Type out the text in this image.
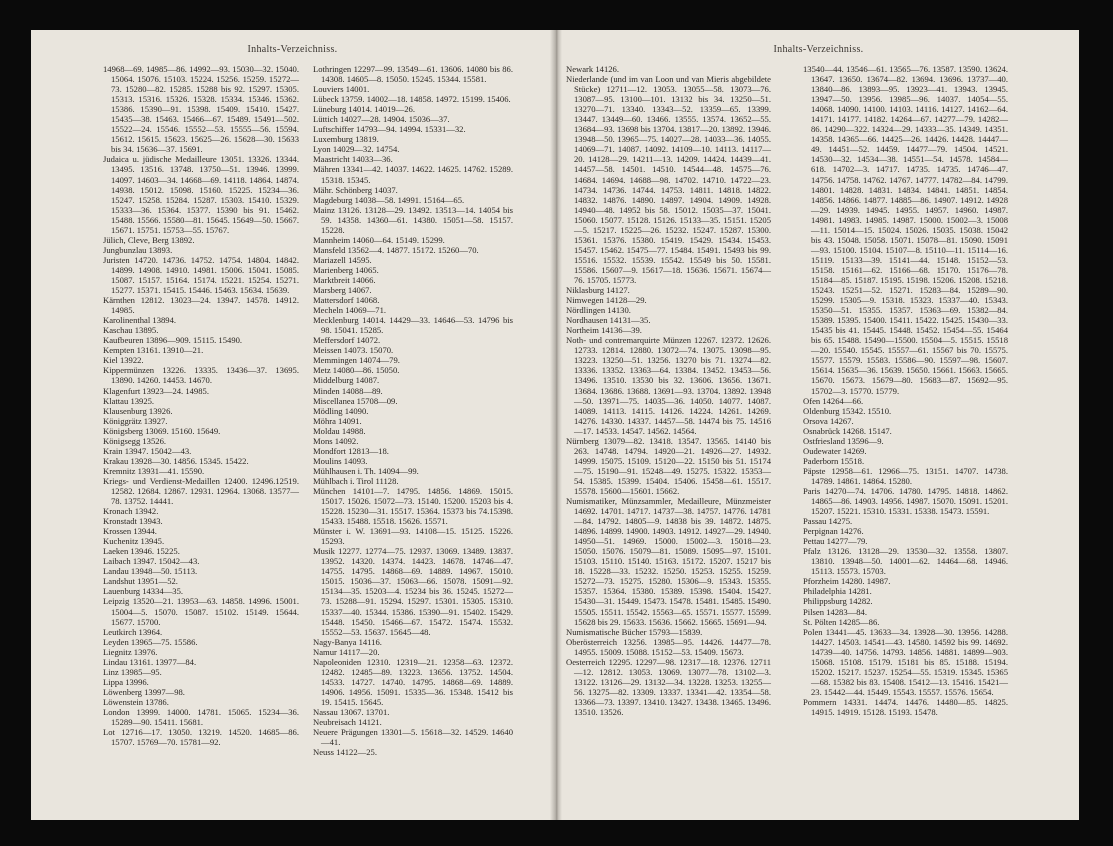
Inhalts-Verzeichniss.

14968—69. 14985—86. 14992—93. 15030—32. 15040. 15064. 15076. 15103. 15224. 15256. 15259. 15272—73. 15280—82. 15285. 15288 bis 92. 15297. 15305. 15313. 15316. 15326. 15328. 15334. 15346. 15362. 15386. 15390—91. 15398. 15409. 15410. 15427. 15435—38. 15463. 15466—67. 15489. 15491—502. 15522—24. 15546. 15552—53. 15555—56. 15594. 15612. 15615. 15623. 15625—26. 15628—30. 15633 bis 34. 15636—37. 15691.

Judaica u. jüdische Medailleure 13051. 13326. 13344. 13495. 13516. 13748. 13750—51. 13946. 13999. 14097. 14603—34. 14668—69. 14118. 14864. 14874. 14938. 15012. 15098. 15160. 15225. 15234—36. 15247. 15258. 15284. 15287. 15303. 15410. 15329. 15333—36. 15364. 15377. 15390 bis 91. 15462. 15488. 15566. 15580—81. 15645. 15649—50. 15667. 15671. 15751. 15753—55. 15767.

Jülich, Cleve, Berg 13892.

Jungbunzlau 13893.

Juristen 14720. 14736. 14752. 14754. 14804. 14842. 14899. 14908. 14910. 14981. 15006. 15041. 15085. 15087. 15157. 15164. 15174. 15221. 15254. 15271. 15277. 15371. 15415. 15446. 15463. 15634. 15639.

Kärnthen 12812. 13023—24. 13947. 14578. 14912. 14985.

Karolinenthal 13894.

Kaschau 13895.

Kaufbeuren 13896—909. 15115. 15490.

Kempten 13161. 13910—21.

Kiel 13922.

Kippermünzen 13226. 13335. 13436—37. 13695. 13890. 14260. 14453. 14670.

Klagenfurt 13923—24. 14985.

Klattau 13925.

Klausenburg 13926.

Königgrätz 13927.

Königsberg 13069. 15160. 15649.

Königsegg 13526.

Krain 13947. 15042—43.

Krakau 13928—30. 14856. 15345. 15422.

Kremnitz 13931—41. 15590.

Kriegs- und Verdienst-Medaillen 12400. 12496.12519. 12582. 12684. 12867. 12931. 12964. 13068. 13577—78. 13752. 14441.

Kronach 13942.

Kronstadt 13943.

Krossen 13944.

Kuchenitz 13945.

Laeken 13946. 15225.

Laibach 13947. 15042—43.

Landau 13948—50. 15113.

Landshut 13951—52.

Lauenburg 14334—35.

Leipzig 13520—21. 13953—63. 14858. 14996. 15001. 15004—5. 15070. 15087. 15102. 15149. 15644. 15677. 15700.

Leutkirch 13964.

Leyden 13965—75. 15586.

Liegnitz 13976.

Lindau 13161. 13977—84.

Linz 13985—95.

Lippa 13996.

Löwenberg 13997—98.

Löwenstein 13786.

London 13999. 14000. 14781. 15065. 15234—36. 15289—90. 15411. 15681.

Lot 12716—17. 13050. 13219. 14520. 14685—86. 15707. 15769—70. 15781—92.

Lothringen 12297—99. 13549—61. 13606. 14080 bis 86. 14308. 14605—8. 15050. 15245. 15344. 15581.

Louviers 14001.

Lübeck 13759. 14002—18. 14858. 14972. 15199. 15406.

Lüneburg 14014. 14019—26.

Lüttich 14027—28. 14904. 15036—37.

Luftschiffer 14793—94. 14994. 15331—32.

Luxemburg 13819.

Lyon 14029—32. 14754.

Maastricht 14033—36.

Mähren 13341—42. 14037. 14622. 14625. 14762. 15289. 15318. 15345.

Mähr. Schönberg 14037.

Magdeburg 14038—58. 14991. 15164—65.

Mainz 13126. 13128—29. 13492. 13513—14. 14054 bis 59. 14358. 14360—61. 14380. 15051—58. 15157. 15228.

Mannheim 14060—64. 15149. 15299.

Mansfeld 13562—4. 14877. 15172. 15260—70.

Mariazell 14595.

Marienberg 14065.

Marktbreit 14066.

Marsberg 14067.

Mattersdorf 14068.

Mecheln 14069—71.

Mecklenburg 14014. 14429—33. 14646—53. 14796 bis 98. 15041. 15285.

Meffersdorf 14072.

Meissen 14073. 15070.

Memmingen 14074—79.

Metz 14080—86. 15050.

Middelburg 14087.

Minden 14088—89.

Miscellanea 15708—09.

Mödling 14090.

Möhra 14091.

Moldau 14988.

Mons 14092.

Mondfort 12813—18.

Moulins 14093.

Mühlhausen i. Th. 14094—99.

Mühlbach i. Tirol 11128.

München 14101—7. 14795. 14856. 14869. 15015. 15017. 15026. 15072—73. 15140. 15200. 15203 bis 4. 15228. 15230—31. 15517. 15364. 15373 bis 74.15398. 15433. 15488. 15518. 15626. 15571.

Münster i. W. 13691—93. 14108—15. 15125. 15226. 15293.

Musik 12277. 12774—75. 12937. 13069. 13489. 13837. 13952. 14320. 14374. 14423. 14678. 14746—47. 14755. 14795. 14868—69. 14889. 14967. 15010. 15015. 15036—37. 15063—66. 15078. 15091—92. 15134—35. 15203—4. 15234 bis 36. 15245. 15272—73. 15288—91. 15294. 15297. 15301. 15305. 15310. 15337—40. 15344. 15386. 15390—91. 15402. 15429. 15448. 15450. 15466—67. 15472. 15474. 15532. 15552—53. 15637. 15645—48.

Nagy-Banya 14116.

Namur 14117—20.

Napoleoniden 12310. 12319—21. 12358—63. 12372. 12482. 12485—89. 13223. 13656. 13752. 14504. 14533. 14727. 14740. 14795. 14868—69. 14889. 14906. 14956. 15091. 15335—36. 15348. 15412 bis 19. 15415. 15645.

Nassau 13067. 13701.

Neubreisach 14121.

Neuere Prägungen 13301—5. 15618—32. 14529. 14640—41.

Neuss 14122—25.

Inhalts-Verzeichniss.

Newark 14126.

Niederlande (und im van Loon und van Mieris abgebildete Stücke) 12711—12. 13053. 13055—58. 13073—76. 13087—95. 13100—101. 13132 bis 34. 13250—51. 13270—71. 13340. 13343—52. 13359—65. 13399. 13447. 13449—60. 13466. 13555. 13574. 13652—55. 13684—93. 13698 bis 13704. 13817—20. 13892. 13946. 13948—50. 13965—75. 14027—28. 14033—36. 14055. 14069—71. 14087. 14092. 14109—10. 14113. 14117—20. 14128—29. 14211—13. 14209. 14424. 14439—41. 14457—58. 14501. 14510. 14544—48. 14575—76. 14684. 14694. 14688—98. 14702. 14710. 14722—23. 14734. 14736. 14744. 14753. 14811. 14818. 14822. 14832. 14876. 14890. 14897. 14904. 14909. 14928. 14940—48. 14952 bis 58. 15012. 15035—37. 15041. 15060. 15077. 15128. 15126. 15133—35. 15151. 15205—5. 15217. 15225—26. 15232. 15247. 15287. 15300. 15361. 15376. 15380. 15419. 15429. 15434. 15453. 15457. 15462. 15475—77. 15484. 15491. 15493 bis 99. 15516. 15532. 15539. 15542. 15549 bis 50. 15581. 15586. 15607—9. 15617—18. 15636. 15671. 15674—76. 15705. 15773.

Niklasburg 14127.

Nimwegen 14128—29.

Nördlingen 14130.

Nordhausen 14131—35.

Northeim 14136—39.

Noth- und contremarquirte Münzen 12267. 12372. 12626. 12733. 12814. 12880. 13072—74. 13075. 13098—95. 13223. 13250—51. 13256. 13270 bis 71. 13274—82. 13336. 13352. 13363—64. 13384. 13452. 13453—56. 13496. 13510. 13530 bis 32. 13606. 13656. 13671. 13684. 13686. 13688. 13691—93. 13704. 13892. 13948—50. 13971—75. 14035—36. 14050. 14077. 14087. 14089. 14113. 14115. 14126. 14224. 14261. 14269. 14276. 14330. 14337. 14457—58. 14474 bis 75. 14516—17. 14533. 14547. 14562. 14564.

Nürnberg 13079—82. 13418. 13547. 13565. 14140 bis 263. 14748. 14794. 14920—21. 14926—27. 14932. 14999. 15075. 15109. 15120—22. 15150 bis 51. 15174—75. 15190—91. 15248—49. 15275. 15322. 15353—54. 15385. 15399. 15404. 15406. 15458—61. 15517. 15578. 15600—15601. 15662.

Numismatiker, Münzsammler, Medailleure, Münzmeister 14692. 14701. 14717. 14737—38. 14757. 14776. 14781—84. 14792. 14805—9. 14838 bis 39. 14872. 14875. 14896. 14899. 14900. 14903. 14912. 14927—29. 14940. 14950—51. 14969. 15000. 15002—3. 15018—23. 15050. 15076. 15079—81. 15089. 15095—97. 15101. 15103. 15110. 15140. 15163. 15172. 15207. 15217 bis 18. 15228—33. 15232. 15250. 15253. 15255. 15259. 15272—73. 15275. 15280. 15306—9. 15343. 15355. 15357. 15364. 15380. 15389. 15398. 15404. 15427. 15430—31. 15449. 15473. 15478. 15481. 15485. 15490. 15505. 15511. 15542. 15563—65. 15571. 15577. 15599. 15628 bis 29. 15633. 15636. 15662. 15665. 15691—94.

Numismatische Bücher 15793—15839.

Oberösterreich 13256. 13985—95. 14426. 14477—78. 14955. 15009. 15088. 15152—53. 15409. 15673.

Oesterreich 12295. 12297—98. 12317—18. 12376. 12711—12. 12812. 13053. 13069. 13077—78. 13102—3. 13122. 13126—29. 13132—34. 13228. 13253. 13255—56. 13275—82. 13309. 13337. 13341—42. 13354—58. 13366—73. 13397. 13410. 13427. 13438. 13465. 13496. 13510. 13526.

13540—44. 13546—61. 13565—76. 13587. 13590. 13624. 13647. 13650. 13674—82. 13694. 13696. 13737—40. 13840—86. 13893—95. 13923—41. 13943. 13945. 13947—50. 13956. 13985—96. 14037. 14054—55. 14068. 14090. 14100. 14103. 14116. 14127. 14162—64. 14171. 14177. 14182. 14264—67. 14277—79. 14282—86. 14290—322. 14324—29. 14333—35. 14349. 14351. 14358. 14365—66. 14425—26. 14426. 14428. 14447—49. 14451—52. 14459. 14477—79. 14504. 14521. 14530—32. 14534—38. 14551—54. 14578. 14584—618. 14702—3. 14717. 14735. 14735. 14746—47. 14756. 14758. 14762. 14767. 14777. 14782—84. 14799. 14801. 14828. 14831. 14834. 14841. 14851. 14854. 14856. 14866. 14877. 14885—86. 14907. 14912. 14928—29. 14939. 14945. 14955. 14957. 14960. 14987. 14981. 14983. 14985. 14987. 15000. 15002—3. 15008—11. 15014—15. 15024. 15026. 15035. 15038. 15042 bis 43. 15048. 15058. 15071. 15078—81. 15090. 15091—93. 15100. 15104. 15107—8. 15110—11. 15114—16. 15119. 15133—39. 15141—44. 15148. 15152—53. 15158. 15161—62. 15166—68. 15170. 15176—78. 15184—85. 15187. 15195. 15198. 15206. 15208. 15218. 15243. 15251—52. 15271. 15283—84. 15289—90. 15299. 15305—9. 15318. 15323. 15337—40. 15343. 15350—51. 15355. 15357. 15363—69. 15382—84. 15389. 15395. 15400. 15411. 15422. 15425. 15430—33. 15435 bis 41. 15445. 15448. 15452. 15454—55. 15464 bis 65. 15488. 15490—15500. 15504—5. 15515. 15518—20. 15540. 15545. 15557—61. 15567 bis 70. 15575. 15577. 15579. 15583. 15586—90. 15597—98. 15607. 15614. 15635—36. 15639. 15650. 15661. 15663. 15665. 15670. 15673. 15679—80. 15683—87. 15692—95. 15702—3. 15770. 15779.

Ofen 14264—66.

Oldenburg 15342. 15510.

Orsova 14267.

Osnabrück 14268. 15147.

Ostfriesland 13596—9.

Oudewater 14269.

Paderborn 15518.

Päpste 12958—61. 12966—75. 13151. 14707. 14738. 14789. 14861. 14864. 15280.

Paris 14270—74. 14706. 14780. 14795. 14818. 14862. 14865—86. 14903. 14956. 14987. 15070. 15091. 15201. 15207. 15221. 15310. 15331. 15338. 15473. 15591.

Passau 14275.

Perpignan 14276.

Pettau 14277—79.

Pfalz 13126. 13128—29. 13530—32. 13558. 13807. 13810. 13948—50. 14001—62. 14464—68. 14946. 15113. 15573. 15703.

Pforzheim 14280. 14987.

Philadelphia 14281.

Philippsburg 14282.

Pilsen 14283—84.

St. Pölten 14285—86.

Polen 13441—45. 13633—34. 13928—30. 13956. 14288. 14427. 14503. 14541—43. 14580. 14592 bis 99. 14692. 14739—40. 14756. 14793. 14856. 14881. 14899—903. 15068. 15108. 15179. 15181 bis 85. 15188. 15194. 15202. 15217. 15237. 15254—55. 15319. 15345. 15365—68. 15382 bis 83. 15408. 15412—13. 15416. 15421—23. 15442—44. 15449. 15543. 15557. 15576. 15654.

Pommern 14331. 14474. 14476. 14480—85. 14825. 14915. 14919. 15128. 15193. 15478.
